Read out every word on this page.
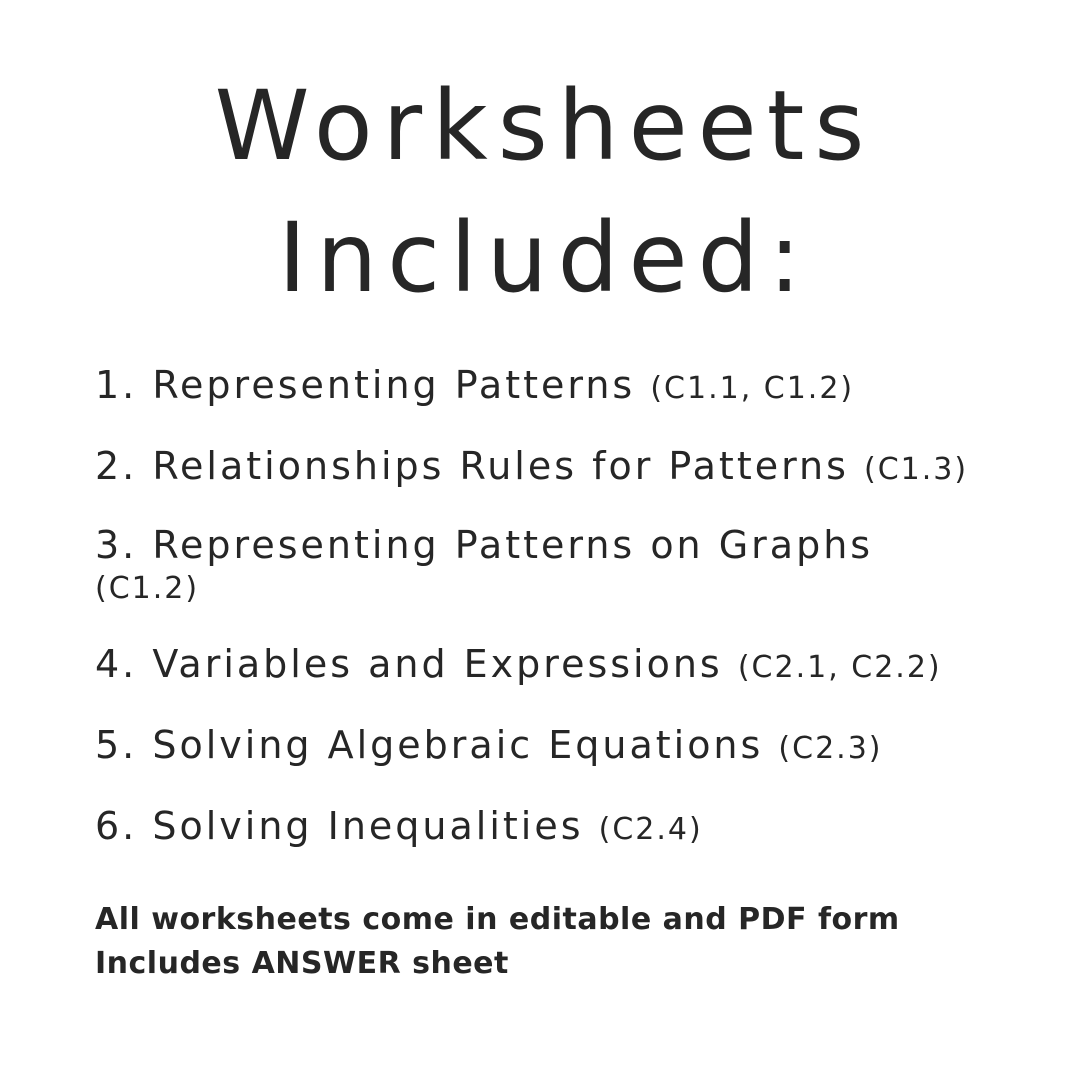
Worksheets
Included:
1. Representing Patterns (C1.1, C1.2)
2. Relationships Rules for Patterns (C1.3)
3. Representing Patterns on Graphs
(C1.2)
4. Variables and Expressions (C2.1, C2.2)
5. Solving Algebraic Equations (C2.3)
6. Solving Inequalities (C2.4)
All worksheets come in editable and PDF form
Includes ANSWER sheet
